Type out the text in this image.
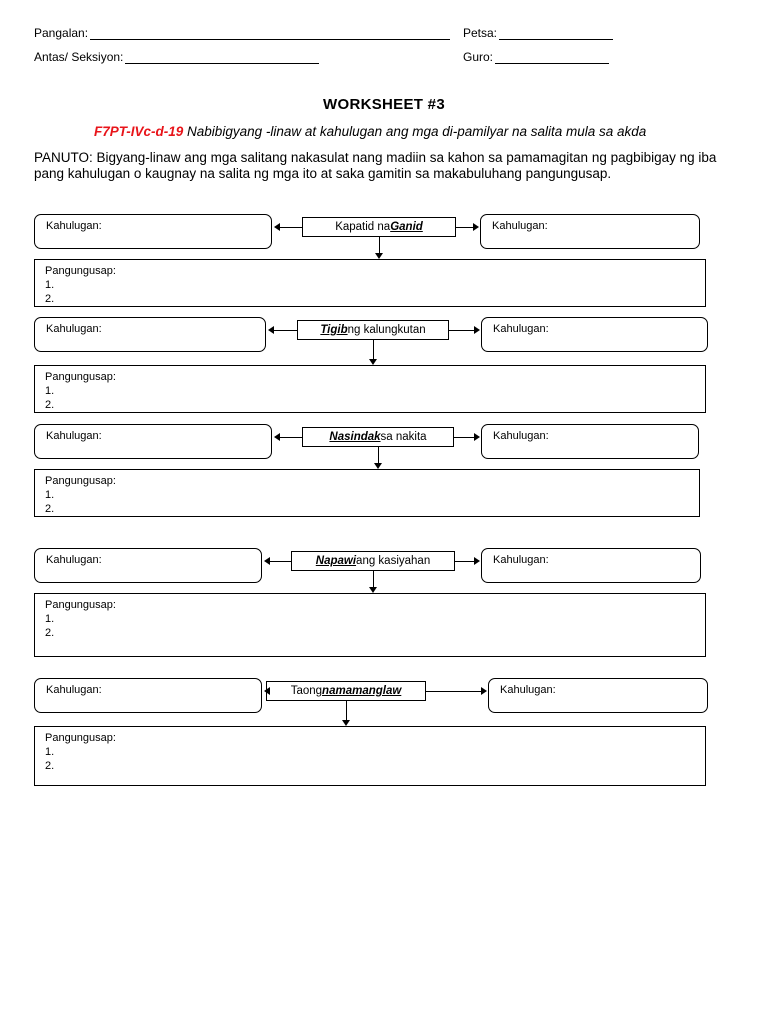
Pangalan:	Petsa:
Antas/ Seksiyon:	Guro:
WORKSHEET #3
F7PT-IVc-d-19 Nabibigyang -linaw at kahulugan ang mga di-pamilyar na salita mula sa akda
PANUTO: Bigyang-linaw ang mga salitang nakasulat nang madiin sa kahon sa pamamagitan ng pagbibigay ng iba pang kahulugan o kaugnay na salita ng mga ito at saka gamitin sa makabuluhang pangungusap.
Kahulugan:	Kapatid na Ganid	Kahulugan:
Pangungusap:
1.
2.
Kahulugan:	Tigib ng kalungkutan	Kahulugan:
Pangungusap:
1.
2.
Kahulugan:	Nasindak sa nakita	Kahulugan:
Pangungusap:
1.
2.
Kahulugan:	Napawi ang kasiyahan	Kahulugan:
Pangungusap:
1.
2.
Kahulugan:	Taong namamanglaw	Kahulugan:
Pangungusap:
1.
2.
